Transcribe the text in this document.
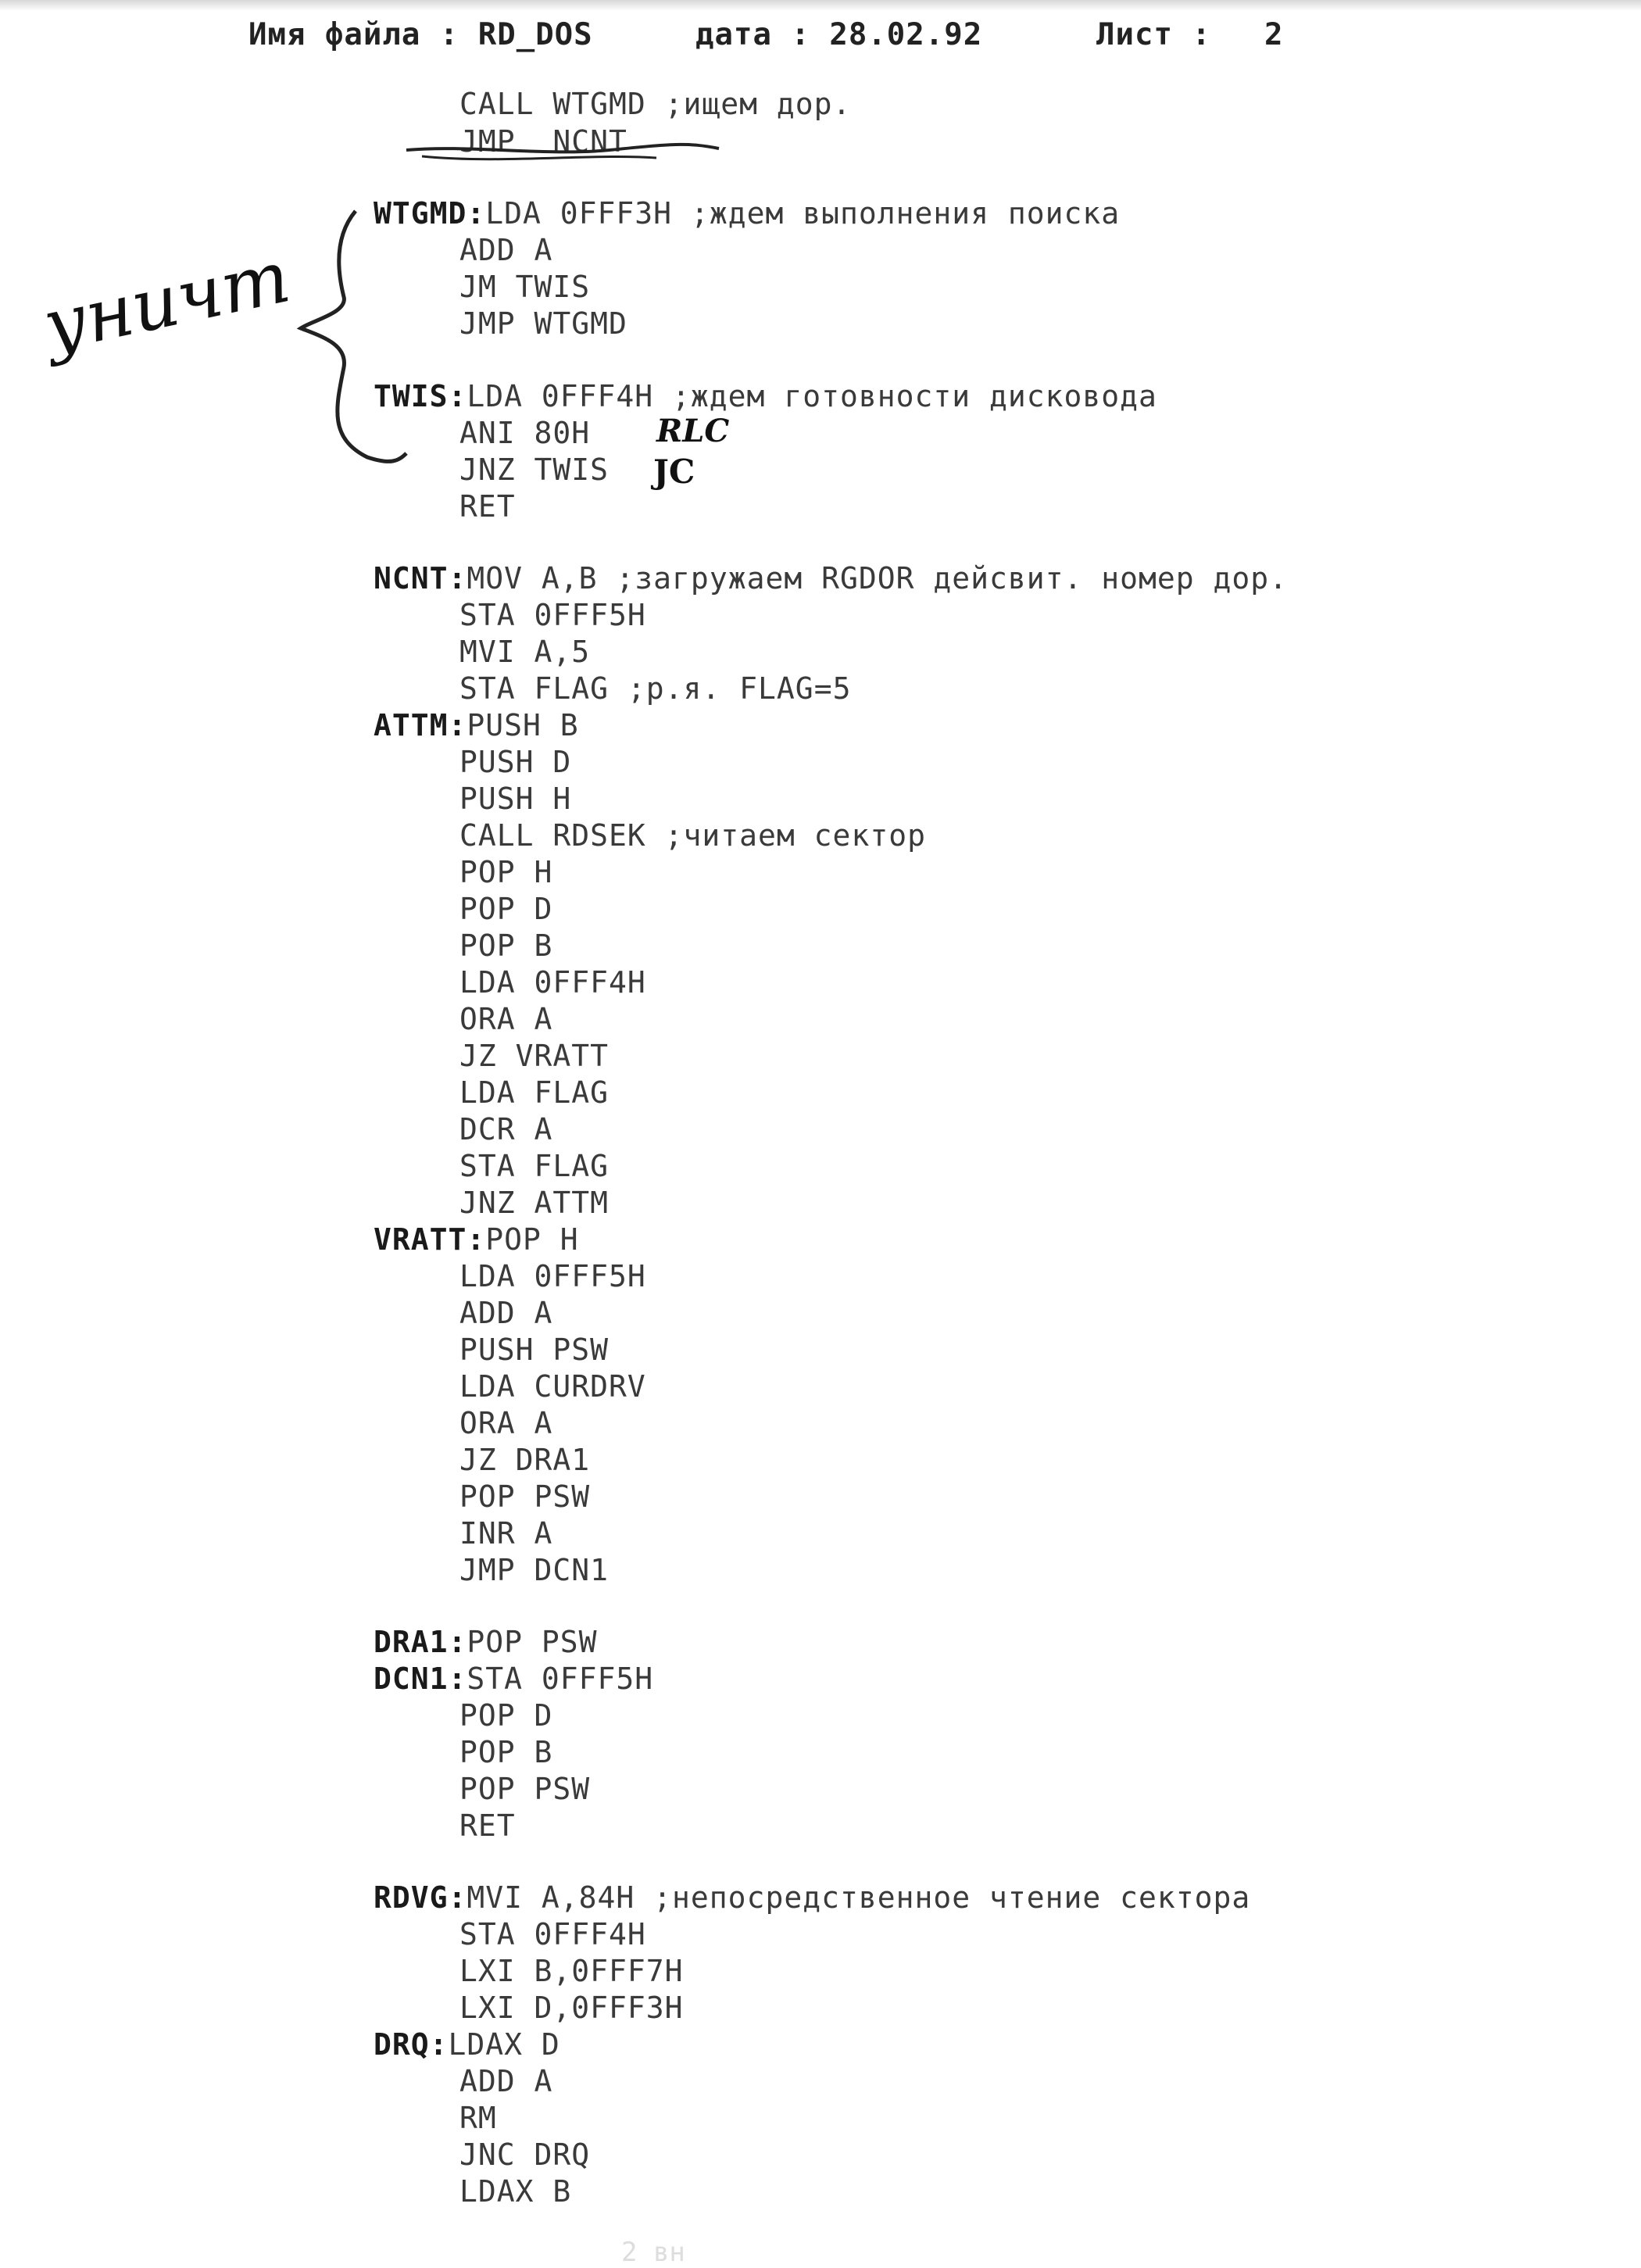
Имя файла : RD_DOS

	дата : 28.02.92

	Лист :

2

CALL WTGMD ;ищем дор.
JMP  NCNT
WTGMD:LDA 0FFF3H ;ждем выполнения поиска
ADD A
JM TWIS
JMP WTGMD
TWIS:LDA 0FFF4H ;ждем готовности дисковода
ANI 80H
JNZ TWIS
RET
NCNT:MOV A,B ;загружаем RGDOR дейсвит. номер дор.
STA 0FFF5H
MVI A,5
STA FLAG ;р.я. FLAG=5
ATTM:PUSH B
PUSH D
PUSH H
CALL RDSEK ;читаем сектор
POP H
POP D
POP B
LDA 0FFF4H
ORA A
JZ VRATT
LDA FLAG
DCR A
STA FLAG
JNZ ATTM
VRATT:POP H
LDA 0FFF5H
ADD A
PUSH PSW
LDA CURDRV
ORA A
JZ DRA1
POP PSW
INR A
JMP DCN1
DRA1:POP PSW
DCN1:STA 0FFF5H
POP D
POP B
POP PSW
RET
RDVG:MVI A,84H ;непосредственное чтение сектора
STA 0FFF4H
LXI B,0FFF7H
LXI D,0FFF3H
DRQ:LDAX D
ADD A
RM
JNC DRQ
LDAX B
уничт
RLC
JC
2 вн
